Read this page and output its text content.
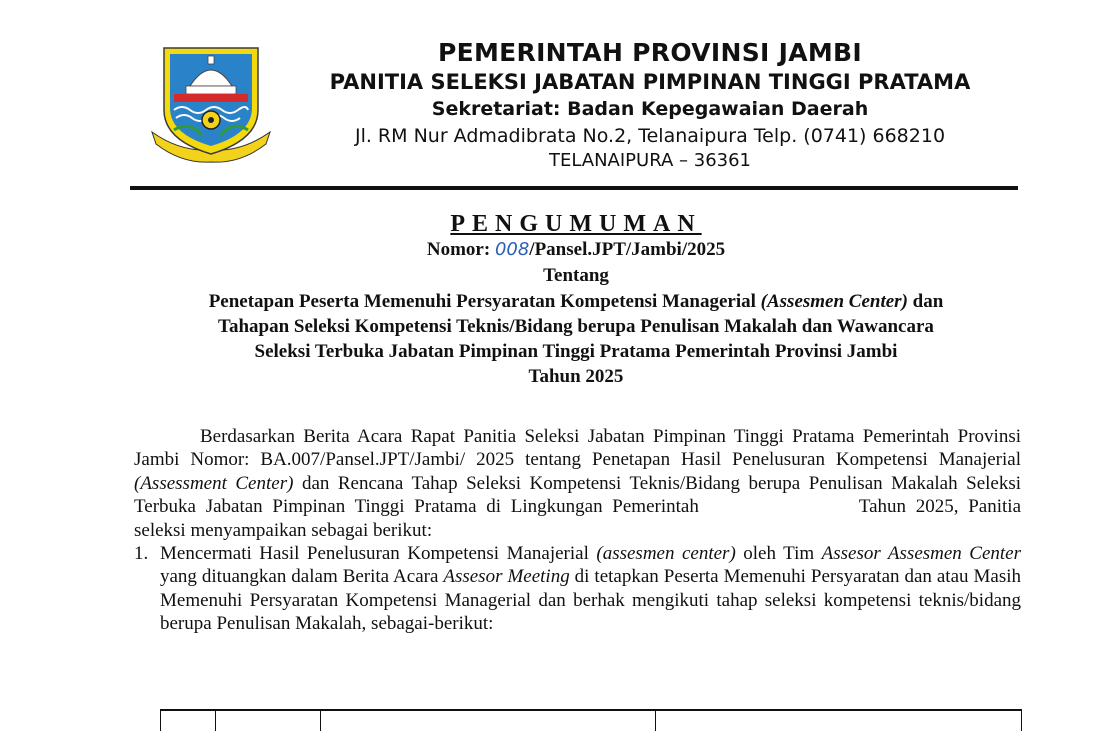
PEMERINTAH PROVINSI JAMBI
PANITIA SELEKSI JABATAN PIMPINAN TINGGI PRATAMA
Sekretariat: Badan Kepegawaian Daerah
Jl. RM Nur Admadibrata No.2, Telanaipura Telp. (0741) 668210
TELANAIPURA – 36361
PENGUMUMAN
Nomor: 008/Pansel.JPT/Jambi/2025
Tentang
Penetapan Peserta Memenuhi Persyaratan Kompetensi Managerial (Assesmen Center) dan
Tahapan Seleksi Kompetensi Teknis/Bidang berupa Penulisan Makalah dan Wawancara
Seleksi Terbuka Jabatan Pimpinan Tinggi Pratama Pemerintah Provinsi Jambi
Tahun 2025

Berdasarkan Berita Acara Rapat Panitia Seleksi Jabatan Pimpinan Tinggi Pratama Pemerintah Provinsi Jambi Nomor: BA.007/Pansel.JPT/Jambi/ 2025 tentang Penetapan Hasil Penelusuran Kompetensi Manajerial (Assessment Center) dan Rencana Tahap Seleksi Kompetensi Teknis/Bidang berupa Penulisan Makalah Seleksi Terbuka Jabatan Pimpinan Tinggi Pratama di Lingkungan Pemerintah	Tahun 2025, Panitia seleksi menyampaikan sebagai berikut:

1. Mencermati Hasil Penelusuran Kompetensi Manajerial (assesmen center) oleh Tim Assesor Assesmen Center yang dituangkan dalam Berita Acara Assesor Meeting di tetapkan Peserta Memenuhi Persyaratan dan atau Masih Memenuhi Persyaratan Kompetensi Managerial dan berhak mengikuti tahap seleksi kompetensi teknis/bidang berupa Penulisan Makalah, sebagai-berikut:
